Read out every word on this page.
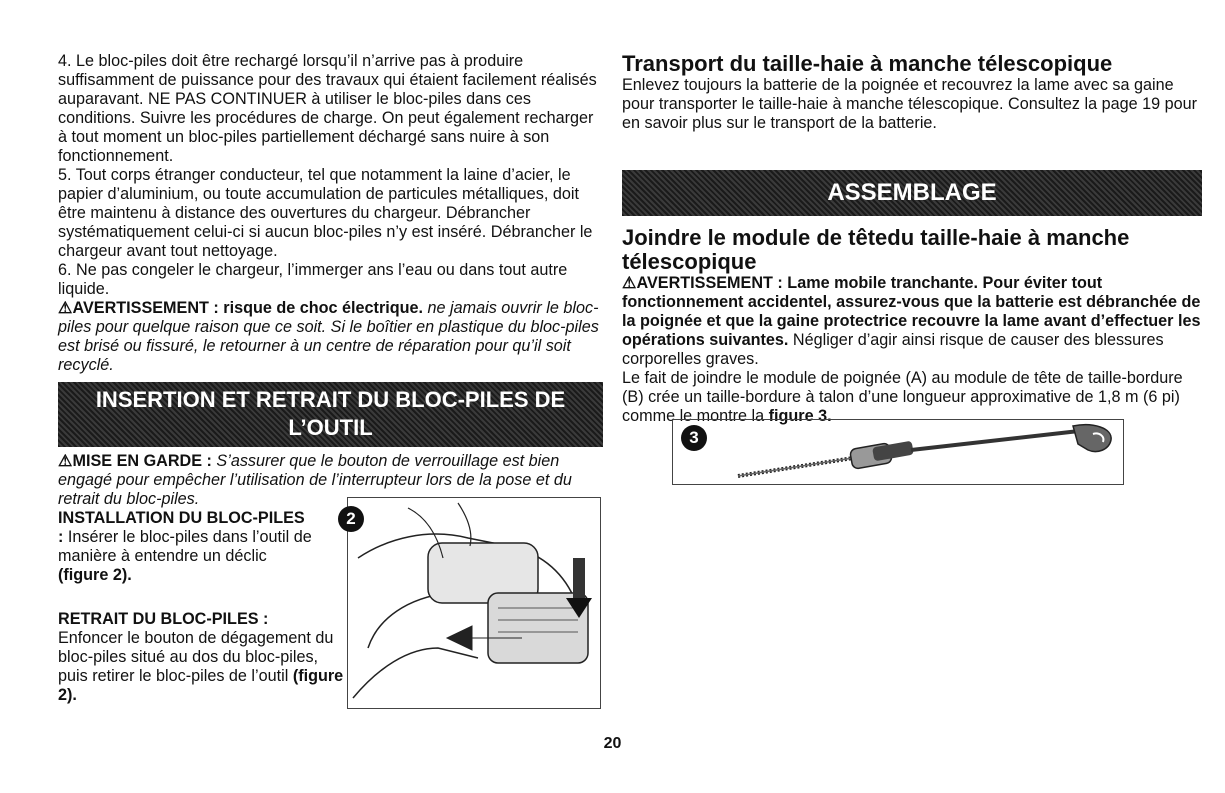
4. Le bloc-piles doit être rechargé lorsqu’il n’arrive pas à produire suffisamment de puissance pour des travaux qui étaient facilement réalisés auparavant. NE PAS CONTINUER à utiliser le bloc-piles dans ces conditions. Suivre les procédures de charge. On peut également recharger à tout moment un bloc-piles partiellement déchargé sans nuire à son fonctionnement.

5. Tout corps étranger conducteur, tel que notamment la laine d’acier, le papier d’aluminium, ou toute accumulation de particules métalliques, doit être maintenu à distance des ouvertures du chargeur. Débrancher systématiquement celui-ci si aucun bloc-piles n’y est inséré. Débrancher le chargeur avant tout nettoyage.

6. Ne pas congeler le chargeur, l’immerger ans l’eau ou dans tout autre liquide.

⚠AVERTISSEMENT : risque de choc électrique. ne jamais ouvrir le bloc-piles pour quelque raison que ce soit. Si le boîtier en plastique du bloc-piles est brisé ou fissuré, le retourner à un centre de réparation pour qu’il soit recyclé.

INSERTION ET RETRAIT DU BLOC-PILES DE L’OUTIL

⚠MISE EN GARDE : S’assurer que le bouton de verrouillage est bien engagé pour empêcher l’utilisation de l’interrupteur lors de la pose et du retrait du bloc-piles.

INSTALLATION DU BLOC-PILES

: Insérer le bloc-piles dans l’outil de manière à entendre un déclic

(figure 2).

RETRAIT DU BLOC-PILES :

Enfoncer le bouton de dégagement du bloc-piles situé au dos du bloc-piles, puis retirer le bloc-piles de l’outil (figure 2).

2
Transport du taille-haie à manche télescopique

Enlevez toujours la batterie de la poignée et recouvrez la lame avec sa gaine pour transporter le taille-haie à manche télescopique. Consultez la page 19 pour en savoir plus sur le transport de la batterie.

ASSEMBLAGE
Joindre le module de têtedu taille-haie à manche télescopique

⚠AVERTISSEMENT : Lame mobile tranchante. Pour éviter tout fonctionnement accidentel, assurez-vous que la batterie est débranchée de la poignée et que la gaine protectrice recouvre la lame avant d’effectuer les opérations suivantes. Négliger d’agir ainsi risque de causer des blessures corporelles graves.

Le fait de joindre le module de poignée (A) au module de tête de taille-bordure (B) crée un taille-bordure à talon d’une longueur approximative de 1,8 m (6 pi) comme le montre la figure 3.

3
20
